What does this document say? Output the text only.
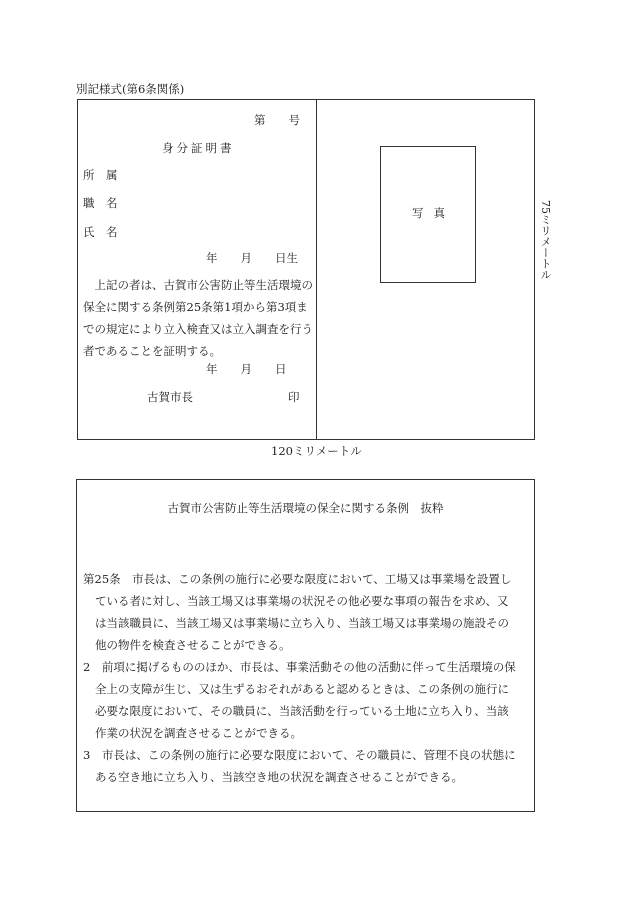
別記様式(第6条関係)
第　　号
身分証明書
所　属
職　名
氏　名
年　　月　　日生
上記の者は、古賀市公害防止等生活環境の保全に関する条例第25条第1項から第3項までの規定により立入検査又は立入調査を行う者であることを証明する。
年　　月　　日
古賀市長	印
写真
120ミリメートル
75ミリメートル
古賀市公害防止等生活環境の保全に関する条例　抜粋
第25条　市長は、この条例の施行に必要な限度において、工場又は事業場を設置し
ている者に対し、当該工場又は事業場の状況その他必要な事項の報告を求め、又
は当該職員に、当該工場又は事業場に立ち入り、当該工場又は事業場の施設その
他の物件を検査させることができる。
2　前項に掲げるもののほか、市長は、事業活動その他の活動に伴って生活環境の保
全上の支障が生じ、又は生ずるおそれがあると認めるときは、この条例の施行に
必要な限度において、その職員に、当該活動を行っている土地に立ち入り、当該
作業の状況を調査させることができる。
3　市長は、この条例の施行に必要な限度において、その職員に、管理不良の状態に
ある空き地に立ち入り、当該空き地の状況を調査させることができる。
